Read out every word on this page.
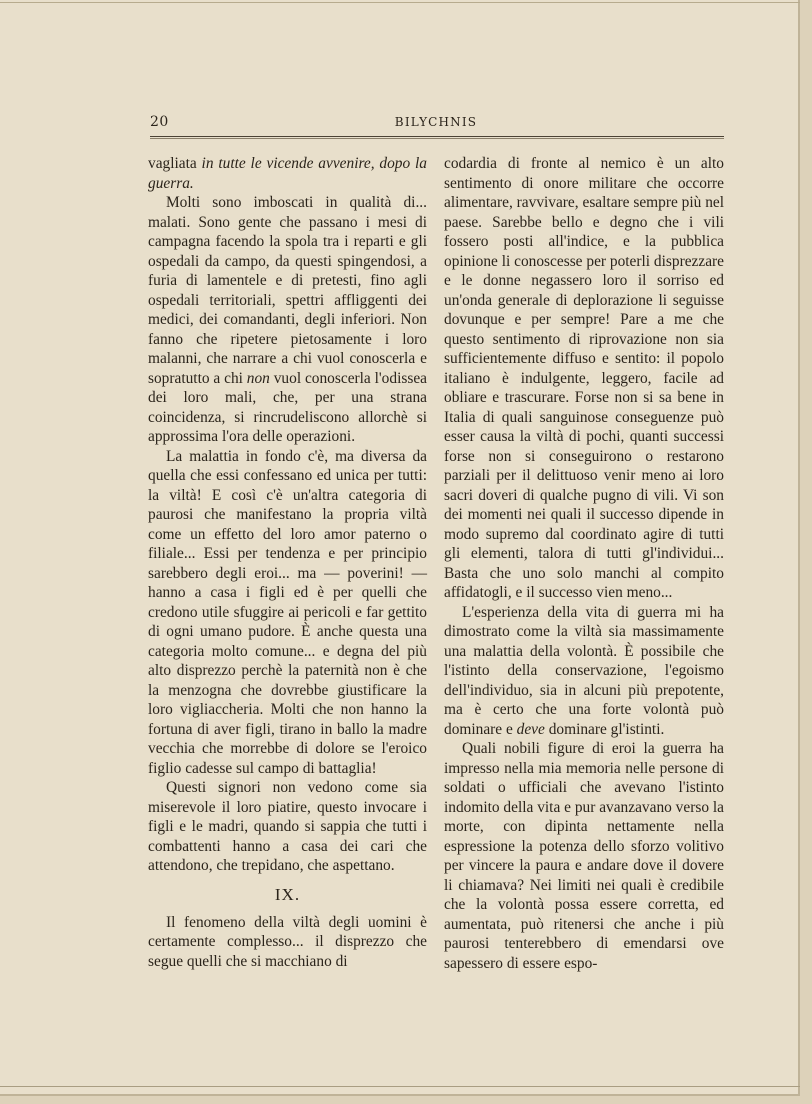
20	BILYCHNIS

vagliata in tutte le vicende avvenire, dopo la guerra.

Molti sono imboscati in qualità di... malati. Sono gente che passano i mesi di campagna facendo la spola tra i reparti e gli ospedali da campo, da questi spingendosi, a furia di lamentele e di pretesti, fino agli ospedali territoriali, spettri affliggenti dei medici, dei comandanti, degli inferiori. Non fanno che ripetere pietosamente i loro malanni, che narrare a chi vuol conoscerla e sopratutto a chi non vuol conoscerla l'odissea dei loro mali, che, per una strana coincidenza, si rincrudeliscono allorchè si approssima l'ora delle operazioni.

La malattia in fondo c'è, ma diversa da quella che essi confessano ed unica per tutti: la viltà! E così c'è un'altra categoria di paurosi che manifestano la propria viltà come un effetto del loro amor paterno o filiale... Essi per tendenza e per principio sarebbero degli eroi... ma — poverini! — hanno a casa i figli ed è per quelli che credono utile sfuggire ai pericoli e far gettito di ogni umano pudore. È anche questa una categoria molto comune... e degna del più alto disprezzo perchè la paternità non è che la menzogna che dovrebbe giustificare la loro vigliaccheria. Molti che non hanno la fortuna di aver figli, tirano in ballo la madre vecchia che morrebbe di dolore se l'eroico figlio cadesse sul campo di battaglia!

Questi signori non vedono come sia miserevole il loro piatire, questo invocare i figli e le madri, quando si sappia che tutti i combattenti hanno a casa dei cari che attendono, che trepidano, che aspettano.

IX.

Il fenomeno della viltà degli uomini è certamente complesso... il disprezzo che segue quelli che si macchiano di

codardia di fronte al nemico è un alto sentimento di onore militare che occorre alimentare, ravvivare, esaltare sempre più nel paese. Sarebbe bello e degno che i vili fossero posti all'indice, e la pubblica opinione li conoscesse per poterli disprezzare e le donne negassero loro il sorriso ed un'onda generale di deplorazione li seguisse dovunque e per sempre! Pare a me che questo sentimento di riprovazione non sia sufficientemente diffuso e sentito: il popolo italiano è indulgente, leggero, facile ad obliare e trascurare. Forse non si sa bene in Italia di quali sanguinose conseguenze può esser causa la viltà di pochi, quanti successi forse non si conseguirono o restarono parziali per il delittuoso venir meno ai loro sacri doveri di qualche pugno di vili. Vi son dei momenti nei quali il successo dipende in modo supremo dal coordinato agire di tutti gli elementi, talora di tutti gl'individui... Basta che uno solo manchi al compito affidatogli, e il successo vien meno...

L'esperienza della vita di guerra mi ha dimostrato come la viltà sia massimamente una malattia della volontà. È possibile che l'istinto della conservazione, l'egoismo dell'individuo, sia in alcuni più prepotente, ma è certo che una forte volontà può dominare e deve dominare gl'istinti.

Quali nobili figure di eroi la guerra ha impresso nella mia memoria nelle persone di soldati o ufficiali che avevano l'istinto indomito della vita e pur avanzavano verso la morte, con dipinta nettamente nella espressione la potenza dello sforzo volitivo per vincere la paura e andare dove il dovere li chiamava? Nei limiti nei quali è credibile che la volontà possa essere corretta, ed aumentata, può ritenersi che anche i più paurosi tenterebbero di emendarsi ove sapessero di essere espo-
